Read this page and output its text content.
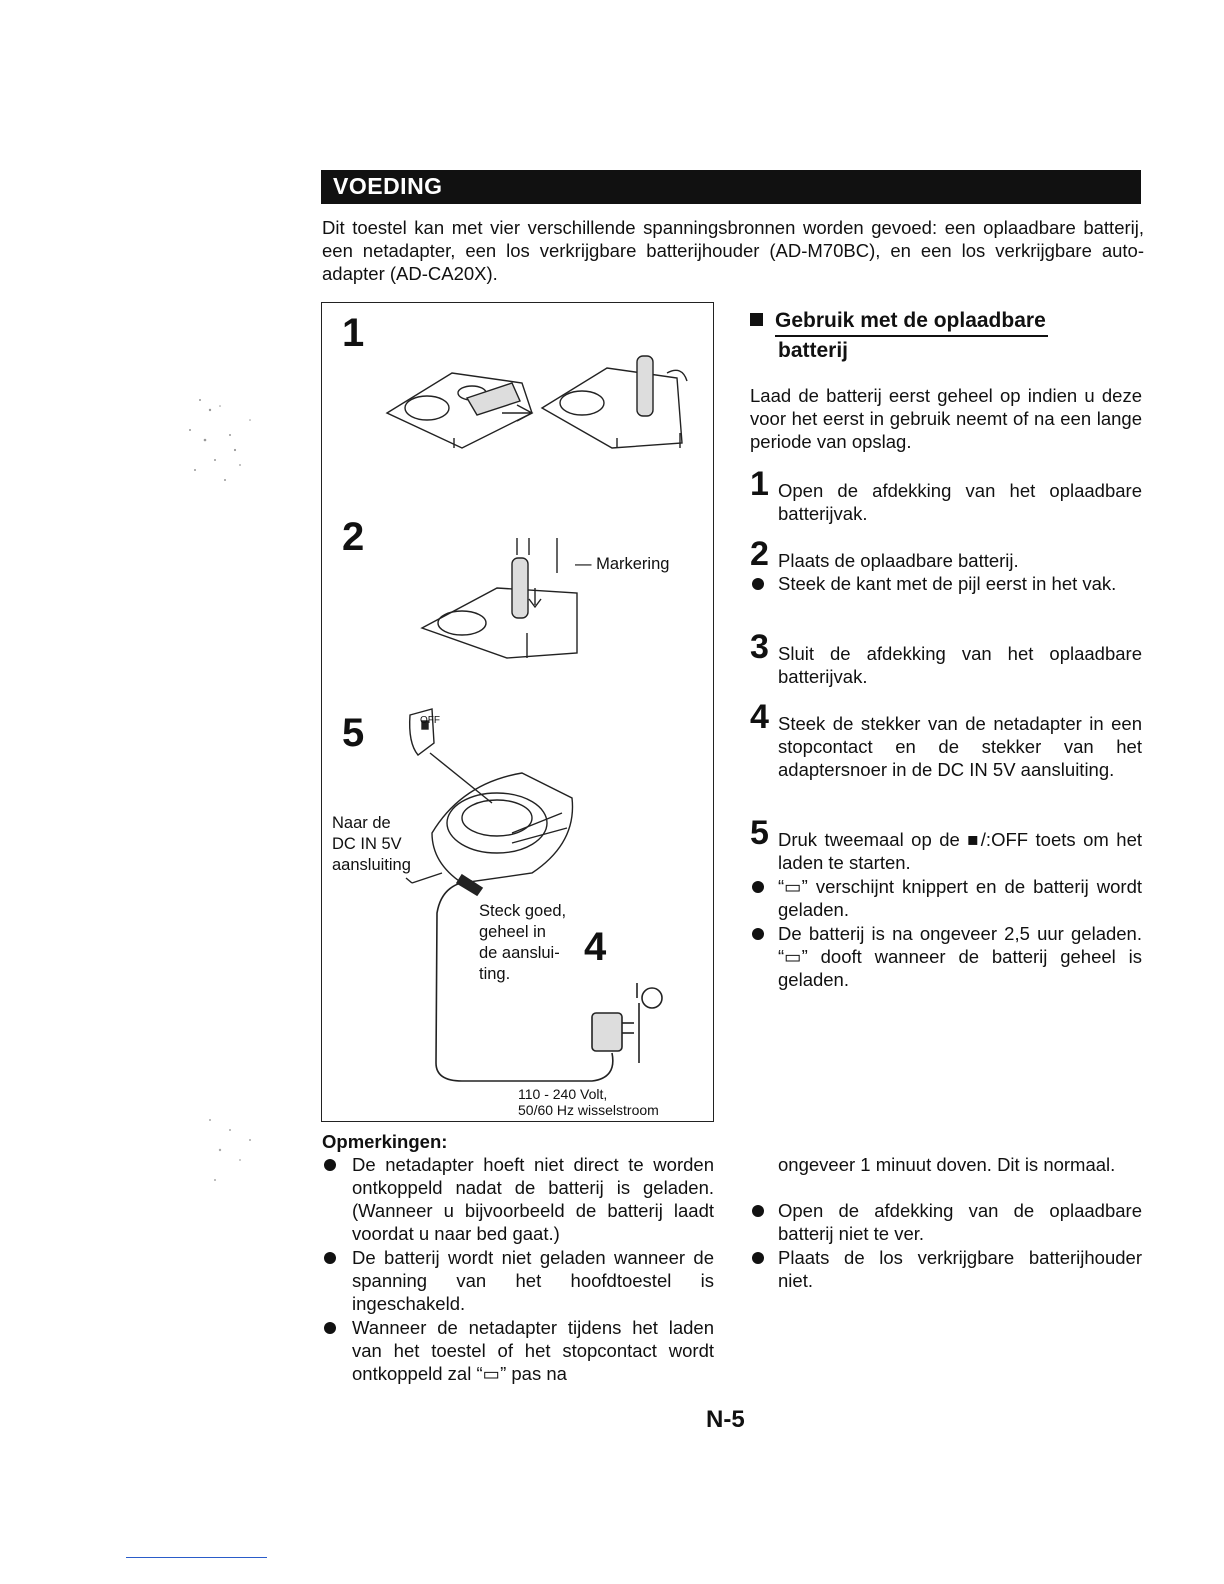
VOEDING
Dit toestel kan met vier verschillende spanningsbronnen worden gevoed: een oplaadbare batterij, een netadapter, een los verkrijgbare batterijhouder (AD-M70BC), en een los verkrijgbare auto-adapter (AD-CA20X).
1
2
5
4
— Markering
OFF
Naar de
DC IN 5V
aansluiting
Steck goed,
geheel in
de aanslui-
ting.
110 - 240 Volt,
50/60 Hz wisselstroom
Gebruik met de oplaadbare
batterij
Laad de batterij eerst geheel op indien u deze voor het eerst in gebruik neemt of na een lange periode van opslag.
1 Open de afdekking van het oplaadbare batterijvak.
2 Plaats de oplaadbare batterij.
Steek de kant met de pijl eerst in het vak.
3 Sluit de afdekking van het oplaadbare batterijvak.
4 Steek de stekker van de netadapter in een stopcontact en de stekker van het adaptersnoer in de DC IN 5V aansluiting.
5 Druk tweemaal op de ■/:OFF toets om het laden te starten.
“▭” verschijnt knippert en de batterij wordt geladen.
De batterij is na ongeveer 2,5 uur geladen. “▭” dooft wanneer de batterij geheel is geladen.
Opmerkingen:
De netadapter hoeft niet direct te worden ontkoppeld nadat de batterij is geladen. (Wanneer u bijvoorbeeld de batterij laadt voordat u naar bed gaat.)
De batterij wordt niet geladen wanneer de spanning van het hoofdtoestel is ingeschakeld.
Wanneer de netadapter tijdens het laden van het toestel of het stopcontact wordt ontkoppeld zal “▭” pas na
ongeveer 1 minuut doven. Dit is normaal.
Open de afdekking van de oplaadbare batterij niet te ver.
Plaats de los verkrijgbare batterijhouder niet.
N-5
